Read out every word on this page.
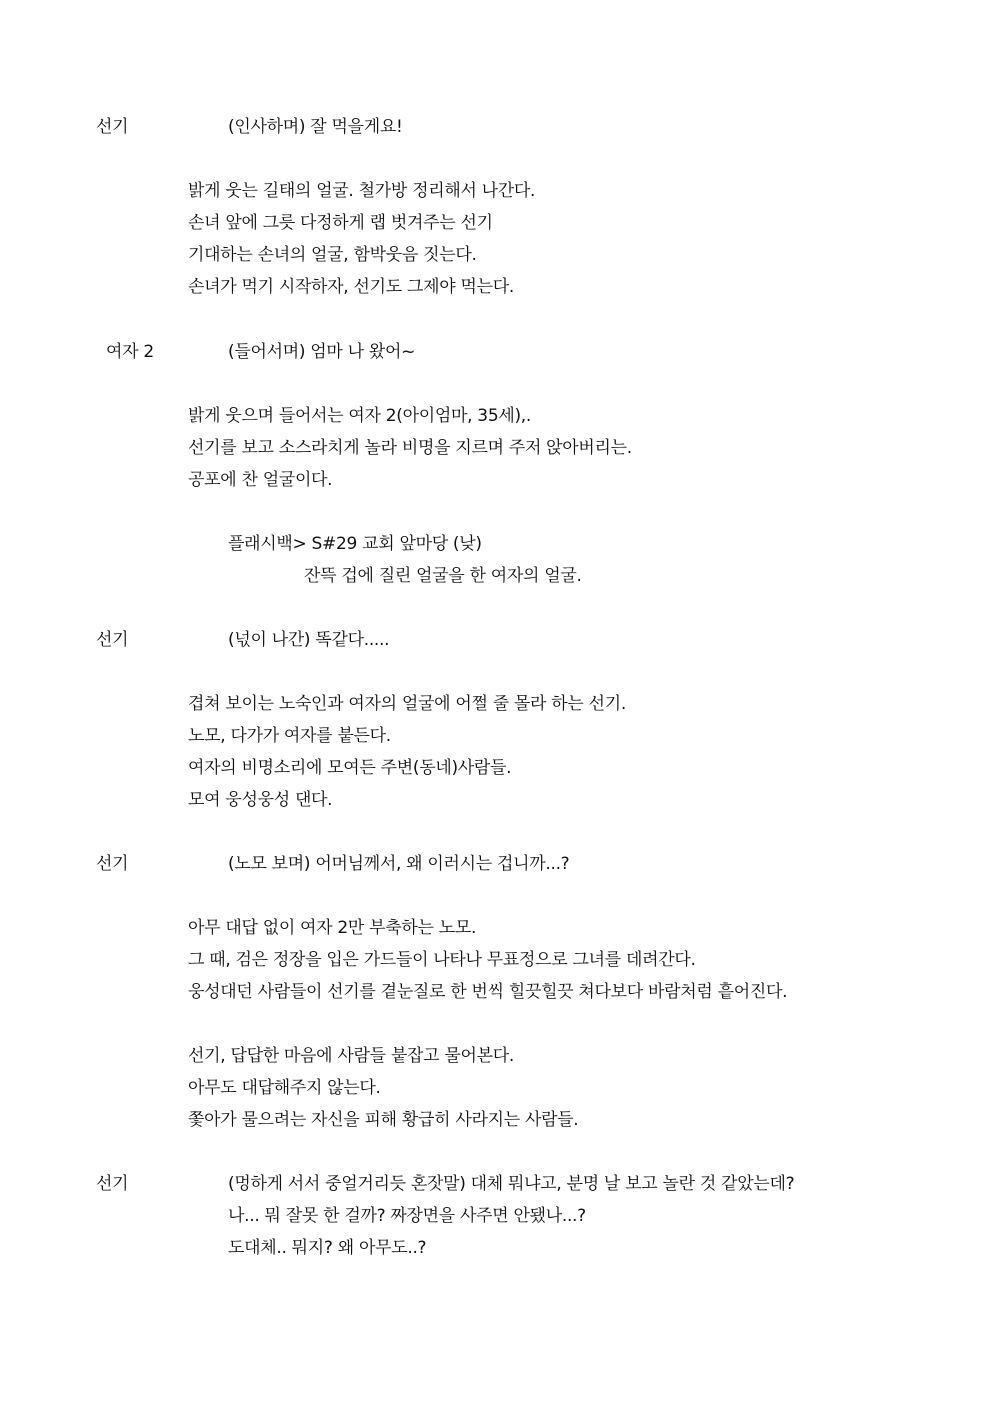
선기	(인사하며) 잘 먹을게요!
밝게 웃는 길태의 얼굴. 철가방 정리해서 나간다.
손녀 앞에 그릇 다정하게 랩 벗겨주는 선기
기대하는 손녀의 얼굴, 함박웃음 짓는다.
손녀가 먹기 시작하자, 선기도 그제야 먹는다.
여자 2	(들어서며) 엄마 나 왔어~
밝게 웃으며 들어서는 여자 2(아이엄마, 35세),.
선기를 보고 소스라치게 놀라 비명을 지르며 주저 앉아버리는.
공포에 찬 얼굴이다.
플래시백> S#29 교회 앞마당 (낮)
잔뜩 겁에 질린 얼굴을 한 여자의 얼굴.
선기	(넋이 나간) 똑같다.....
겹쳐 보이는 노숙인과 여자의 얼굴에 어쩔 줄 몰라 하는 선기.
노모, 다가가 여자를 붙든다.
여자의 비명소리에 모여든 주변(동네)사람들.
모여 웅성웅성 댄다.
선기	(노모 보며) 어머님께서, 왜 이러시는 겁니까...?
아무 대답 없이 여자 2만 부축하는 노모.
그 때, 검은 정장을 입은 가드들이 나타나 무표정으로 그녀를 데려간다.
웅성대던 사람들이 선기를 곁눈질로 한 번씩 힐끗힐끗 쳐다보다 바람처럼 흩어진다.
선기, 답답한 마음에 사람들 붙잡고 물어본다.
아무도 대답해주지 않는다.
쫓아가 물으려는 자신을 피해 황급히 사라지는 사람들.
선기	(멍하게 서서 중얼거리듯 혼잣말) 대체 뭐냐고, 분명 날 보고 놀란 것 같았는데?
나... 뭐 잘못 한 걸까? 짜장면을 사주면 안됐나...?
도대체.. 뭐지? 왜 아무도..?
